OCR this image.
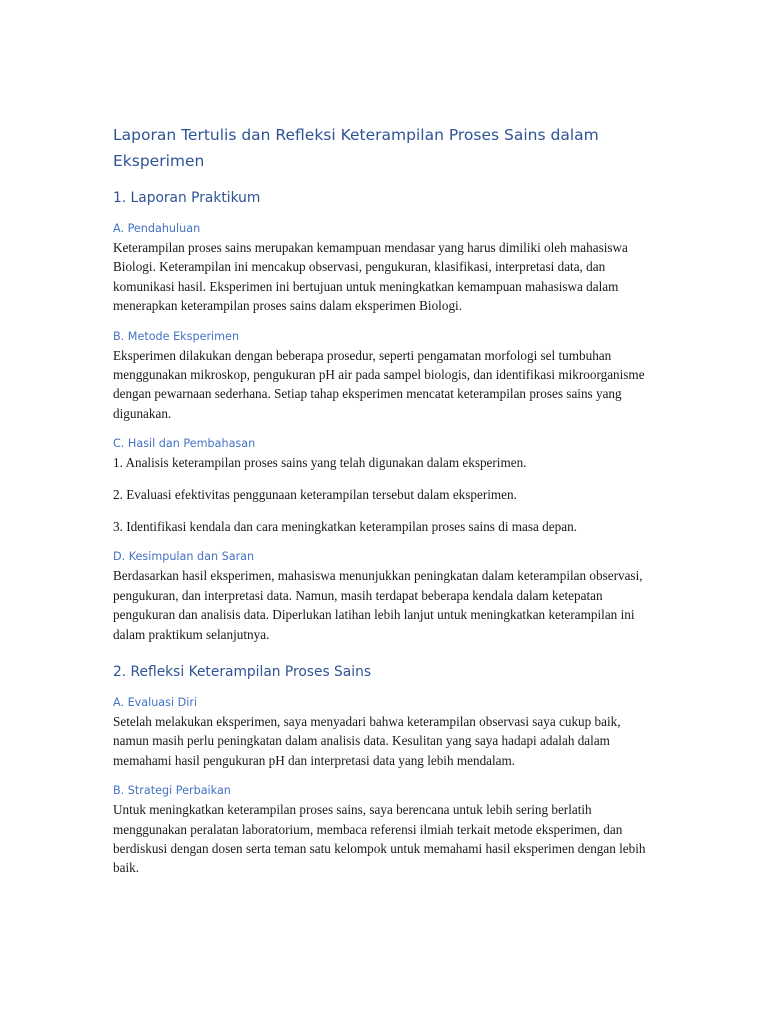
Laporan Tertulis dan Refleksi Keterampilan Proses Sains dalam Eksperimen
1. Laporan Praktikum
A. Pendahuluan

Keterampilan proses sains merupakan kemampuan mendasar yang harus dimiliki oleh mahasiswa Biologi. Keterampilan ini mencakup observasi, pengukuran, klasifikasi, interpretasi data, dan komunikasi hasil. Eksperimen ini bertujuan untuk meningkatkan kemampuan mahasiswa dalam menerapkan keterampilan proses sains dalam eksperimen Biologi.

B. Metode Eksperimen

Eksperimen dilakukan dengan beberapa prosedur, seperti pengamatan morfologi sel tumbuhan menggunakan mikroskop, pengukuran pH air pada sampel biologis, dan identifikasi mikroorganisme dengan pewarnaan sederhana. Setiap tahap eksperimen mencatat keterampilan proses sains yang digunakan.

C. Hasil dan Pembahasan

1. Analisis keterampilan proses sains yang telah digunakan dalam eksperimen.

2. Evaluasi efektivitas penggunaan keterampilan tersebut dalam eksperimen.

3. Identifikasi kendala dan cara meningkatkan keterampilan proses sains di masa depan.

D. Kesimpulan dan Saran

Berdasarkan hasil eksperimen, mahasiswa menunjukkan peningkatan dalam keterampilan observasi, pengukuran, dan interpretasi data. Namun, masih terdapat beberapa kendala dalam ketepatan pengukuran dan analisis data. Diperlukan latihan lebih lanjut untuk meningkatkan keterampilan ini dalam praktikum selanjutnya.

2. Refleksi Keterampilan Proses Sains
A. Evaluasi Diri

Setelah melakukan eksperimen, saya menyadari bahwa keterampilan observasi saya cukup baik, namun masih perlu peningkatan dalam analisis data. Kesulitan yang saya hadapi adalah dalam memahami hasil pengukuran pH dan interpretasi data yang lebih mendalam.

B. Strategi Perbaikan

Untuk meningkatkan keterampilan proses sains, saya berencana untuk lebih sering berlatih menggunakan peralatan laboratorium, membaca referensi ilmiah terkait metode eksperimen, dan berdiskusi dengan dosen serta teman satu kelompok untuk memahami hasil eksperimen dengan lebih baik.
